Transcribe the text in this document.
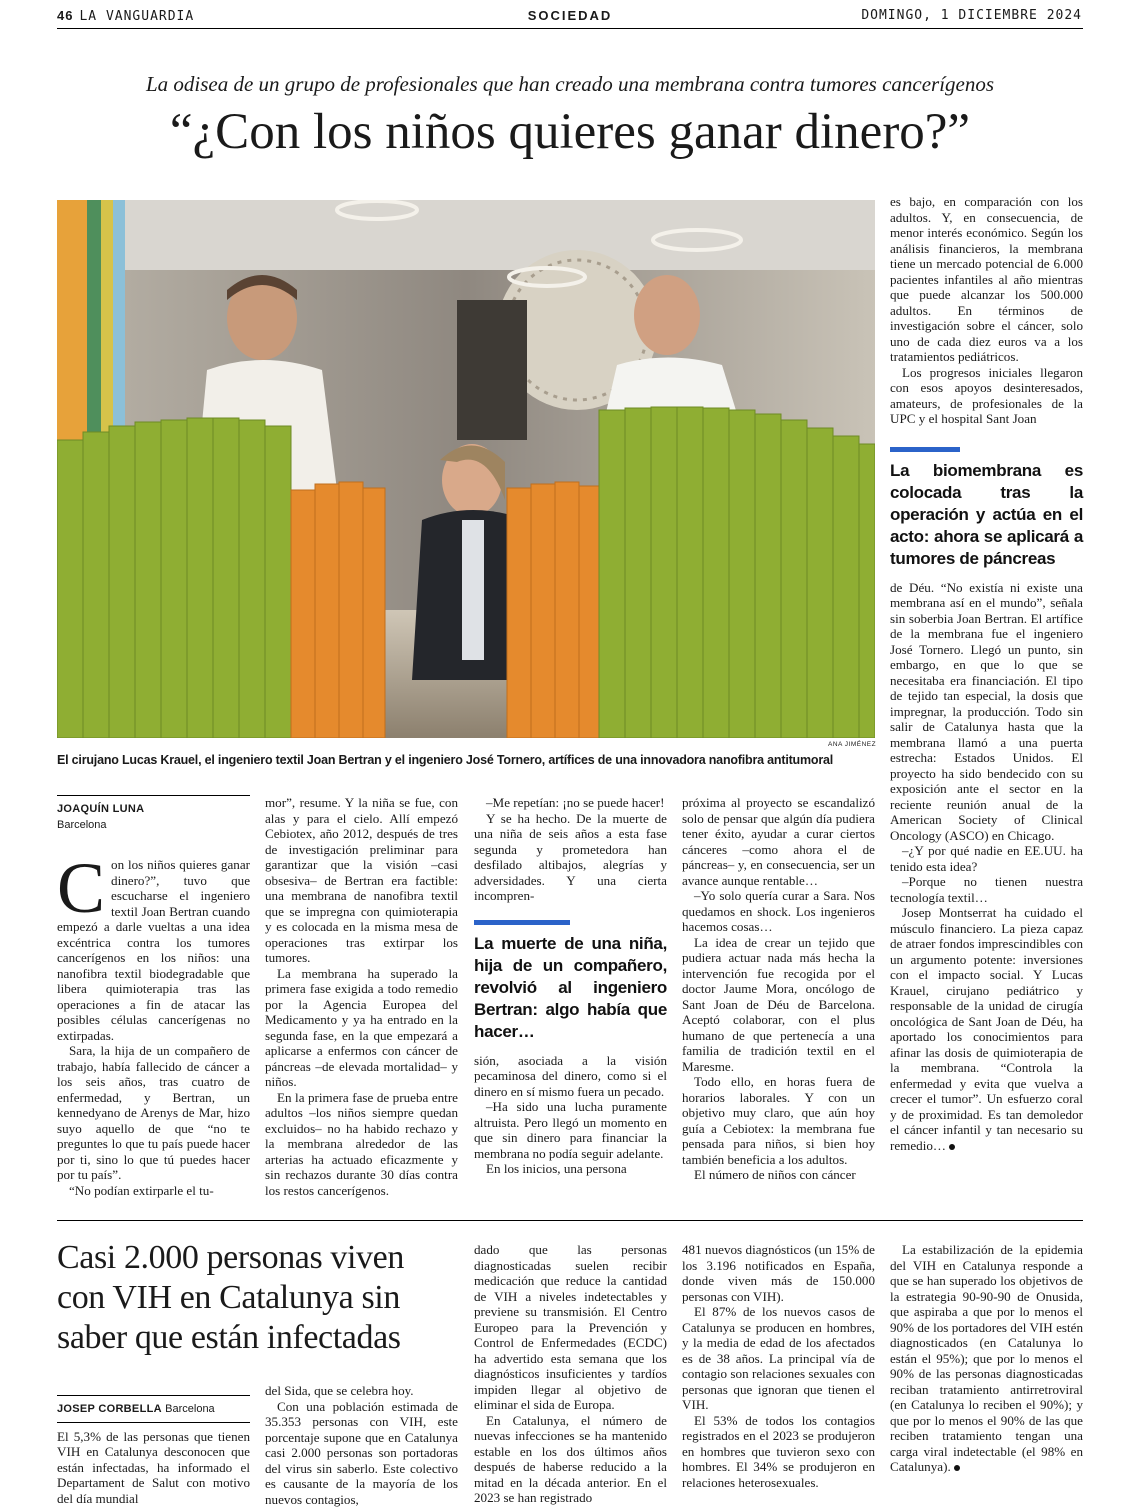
46 LA VANGUARDIA	SOCIEDAD	DOMINGO, 1 DICIEMBRE 2024
La odisea de un grupo de profesionales que han creado una membrana contra tumores cancerígenos
“¿Con los niños quieres ganar dinero?”
ANA JIMÉNEZ
El cirujano Lucas Krauel, el ingeniero textil Joan Bertran y el ingeniero José Tornero, artífices de una innovadora nanofibra antitumoral
JOAQUÍN LUNA
Barcelona

Con los niños quieres ganar dinero?”, tuvo que escucharse el ingeniero textil Joan Bertran cuando empezó a darle vueltas a una idea excéntrica contra los tumores cancerígenos en los niños: una nanofibra textil biodegradable que libera quimioterapia tras las operaciones a fin de atacar las posibles células cancerígenas no extirpadas.

Sara, la hija de un compañero de trabajo, había fallecido de cáncer a los seis años, tras cuatro de enfermedad, y Bertran, un kennedyano de Arenys de Mar, hizo suyo aquello de que “no te preguntes lo que tu país puede hacer por ti, sino lo que tú puedes hacer por tu país”.

“No podían extirparle el tu-

mor”, resume. Y la niña se fue, con alas y para el cielo. Allí empezó Cebiotex, año 2012, después de tres de investigación preliminar para garantizar que la visión –casi obsesiva– de Bertran era factible: una membrana de nanofibra textil que se impregna con quimioterapia y es colocada en la misma mesa de operaciones tras extirpar los tumores.

La membrana ha superado la primera fase exigida a todo remedio por la Agencia Europea del Medicamento y ya ha entrado en la segunda fase, en la que empezará a aplicarse a enfermos con cáncer de páncreas –de elevada mortalidad– y niños.

En la primera fase de prueba entre adultos –los niños siempre quedan excluidos– no ha habido rechazo y la membrana alrededor de las arterias ha actuado eficazmente y sin rechazos durante 30 días contra los restos cancerígenos.

–Me repetían: ¡no se puede hacer!

Y se ha hecho. De la muerte de una niña de seis años a esta fase segunda y prometedora han desfilado altibajos, alegrías y adversidades. Y una cierta incompren-

La muerte de una niña, hija de un compañero, revolvió al ingeniero Bertran: algo había que hacer…

sión, asociada a la visión pecaminosa del dinero, como si el dinero en sí mismo fuera un pecado.

–Ha sido una lucha puramente altruista. Pero llegó un momento en que sin dinero para financiar la membrana no podía seguir adelante.

En los inicios, una persona

próxima al proyecto se escandalizó solo de pensar que algún día pudiera tener éxito, ayudar a curar ciertos cánceres –como ahora el de páncreas– y, en consecuencia, ser un avance aunque rentable…

–Yo solo quería curar a Sara. Nos quedamos en shock. Los ingenieros hacemos cosas…

La idea de crear un tejido que pudiera actuar nada más hecha la intervención fue recogida por el doctor Jaume Mora, oncólogo de Sant Joan de Déu de Barcelona. Aceptó colaborar, con el plus humano de que pertenecía a una familia de tradición textil en el Maresme.

Todo ello, en horas fuera de horarios laborales. Y con un objetivo muy claro, que aún hoy guía a Cebiotex: la membrana fue pensada para niños, si bien hoy también beneficia a los adultos.

El número de niños con cáncer

es bajo, en comparación con los adultos. Y, en consecuencia, de menor interés económico. Según los análisis financieros, la membrana tiene un mercado potencial de 6.000 pacientes infantiles al año mientras que puede alcanzar los 500.000 adultos. En términos de investigación sobre el cáncer, solo uno de cada diez euros va a los tratamientos pediátricos.

Los progresos iniciales llegaron con esos apoyos desinteresados, amateurs, de profesionales de la UPC y el hospital Sant Joan

La biomembrana es colocada tras la operación y actúa en el acto: ahora se aplicará a tumores de páncreas

de Déu. “No existía ni existe una membrana así en el mundo”, señala sin soberbia Joan Bertran. El artífice de la membrana fue el ingeniero José Tornero. Llegó un punto, sin embargo, en que lo que se necesitaba era financiación. El tipo de tejido tan especial, la dosis que impregnar, la producción. Todo sin salir de Catalunya hasta que la membrana llamó a una puerta estrecha: Estados Unidos. El proyecto ha sido bendecido con su exposición ante el sector en la reciente reunión anual de la American Society of Clinical Oncology (ASCO) en Chicago.

–¿Y por qué nadie en EE.UU. ha tenido esta idea?

–Porque no tienen nuestra tecnología textil…

Josep Montserrat ha cuidado el músculo financiero. La pieza capaz de atraer fondos imprescindibles con un argumento potente: inversiones con el impacto social. Y Lucas Krauel, cirujano pediátrico y responsable de la unidad de cirugía oncológica de Sant Joan de Déu, ha aportado los conocimientos para afinar las dosis de quimioterapia de la membrana. “Controla la enfermedad y evita que vuelva a crecer el tumor”. Un esfuerzo coral y de proximidad. Es tan demoledor el cáncer infantil y tan necesario su remedio…

Casi 2.000 personas viven con VIH en Catalunya sin saber que están infectadas
JOSEP CORBELLA Barcelona

El 5,3% de las personas que tienen VIH en Catalunya desconocen que están infectadas, ha informado el Departament de Salut con motivo del día mundial

del Sida, que se celebra hoy.

Con una población estimada de 35.353 personas con VIH, este porcentaje supone que en Catalunya casi 2.000 personas son portadoras del virus sin saberlo. Este colectivo es causante de la mayoría de los nuevos contagios,

dado que las personas diagnosticadas suelen recibir medicación que reduce la cantidad de VIH a niveles indetectables y previene su transmisión. El Centro Europeo para la Prevención y Control de Enfermedades (ECDC) ha advertido esta semana que los diagnósticos insuficientes y tardíos impiden llegar al objetivo de eliminar el sida de Europa.

En Catalunya, el número de nuevas infecciones se ha mantenido estable en los dos últimos años después de haberse reducido a la mitad en la década anterior. En el 2023 se han registrado

481 nuevos diagnósticos (un 15% de los 3.196 notificados en España, donde viven más de 150.000 personas con VIH).

El 87% de los nuevos casos de Catalunya se producen en hombres, y la media de edad de los afectados es de 38 años. La principal vía de contagio son relaciones sexuales con personas que ignoran que tienen el VIH.

El 53% de todos los contagios registrados en el 2023 se produjeron en hombres que tuvieron sexo con hombres. El 34% se produjeron en relaciones heterosexuales.

La estabilización de la epidemia del VIH en Catalunya responde a que se han superado los objetivos de la estrategia 90-90-90 de Onusida, que aspiraba a que por lo menos el 90% de los portadores del VIH estén diagnosticados (en Catalunya lo están el 95%); que por lo menos el 90% de las personas diagnosticadas reciban tratamiento antirretroviral (en Catalunya lo reciben el 90%); y que por lo menos el 90% de las que reciben tratamiento tengan una carga viral indetectable (el 98% en Catalunya).
